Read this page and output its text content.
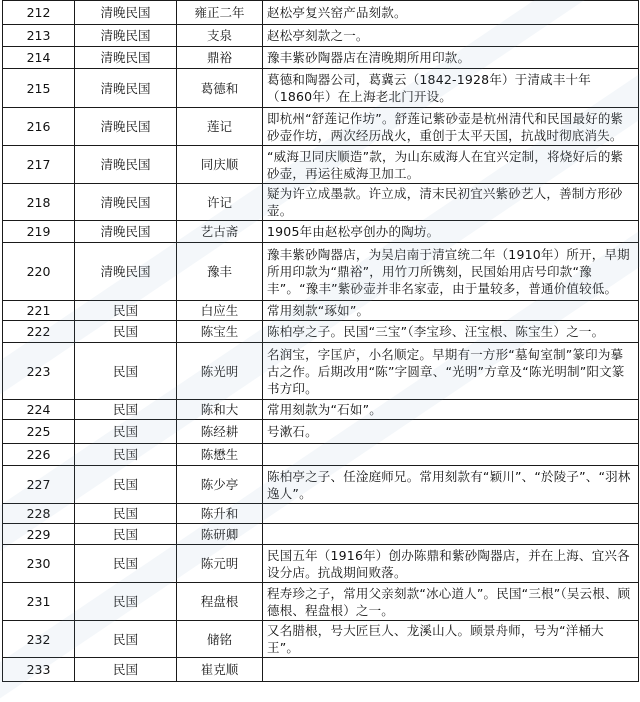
212	清晚民国	雍正二年	赵松亭复兴窑产品刻款。
213	清晚民国	支泉	赵松亭刻款之一。
214	清晚民国	鼎裕	豫丰紫砂陶器店在清晚期所用印款。
215	清晚民国	葛德和	葛德和陶器公司，葛冀云（1842-1928年）于清咸丰十年（1860年）在上海老北门开设。
216	清晚民国	莲记	即杭州“舒莲记作坊”。舒莲记紫砂壶是杭州清代和民国最好的紫砂壶作坊，两次经历战火，重创于太平天国，抗战时彻底消失。
217	清晚民国	同庆顺	“威海卫同庆顺造”款，为山东威海人在宜兴定制，将烧好后的紫砂壶，再运往威海卫加工。
218	清晚民国	许记	疑为许立成墨款。许立成，清末民初宜兴紫砂艺人，善制方形砂壶。
219	清晚民国	艺古斋	1905年由赵松亭创办的陶坊。
220	清晚民国	豫丰	豫丰紫砂陶器店，为吴启南于清宣统二年（1910年）所开，早期所用印款为“鼎裕”，用竹刀所镌刻，民国始用店号印款“豫丰”。“豫丰”紫砂壶并非名家壶，由于量较多，普通价值较低。
221	民国	白应生	常用刻款“琢如”。
222	民国	陈宝生	陈柏亭之子。民国“三宝”（李宝珍、汪宝根、陈宝生）之一。
223	民国	陈光明	名润宝，字匡庐，小名顺定。早期有一方形“墓甸室制”篆印为摹古之作。后期改用“陈”字圆章、“光明”方章及“陈光明制”阳文篆书方印。
224	民国	陈和大	常用刻款为“石如”。
225	民国	陈经耕	号漱石。
226	民国	陈懋生	
227	民国	陈少亭	陈柏亭之子、任淦庭师兄。常用刻款有“颖川”、“於陵子”、“羽林逸人”。
228	民国	陈升和	
229	民国	陈研卿	
230	民国	陈元明	民国五年（1916年）创办陈鼎和紫砂陶器店，并在上海、宜兴各设分店。抗战期间败落。
231	民国	程盘根	程寿珍之子，常用父亲刻款“冰心道人”。民国“三根”（吴云根、顾德根、程盘根）之一。
232	民国	储铭	又名腊根，号大匠巨人、龙溪山人。顾景舟师，号为“洋桶大王”。
233	民国	崔克顺	
